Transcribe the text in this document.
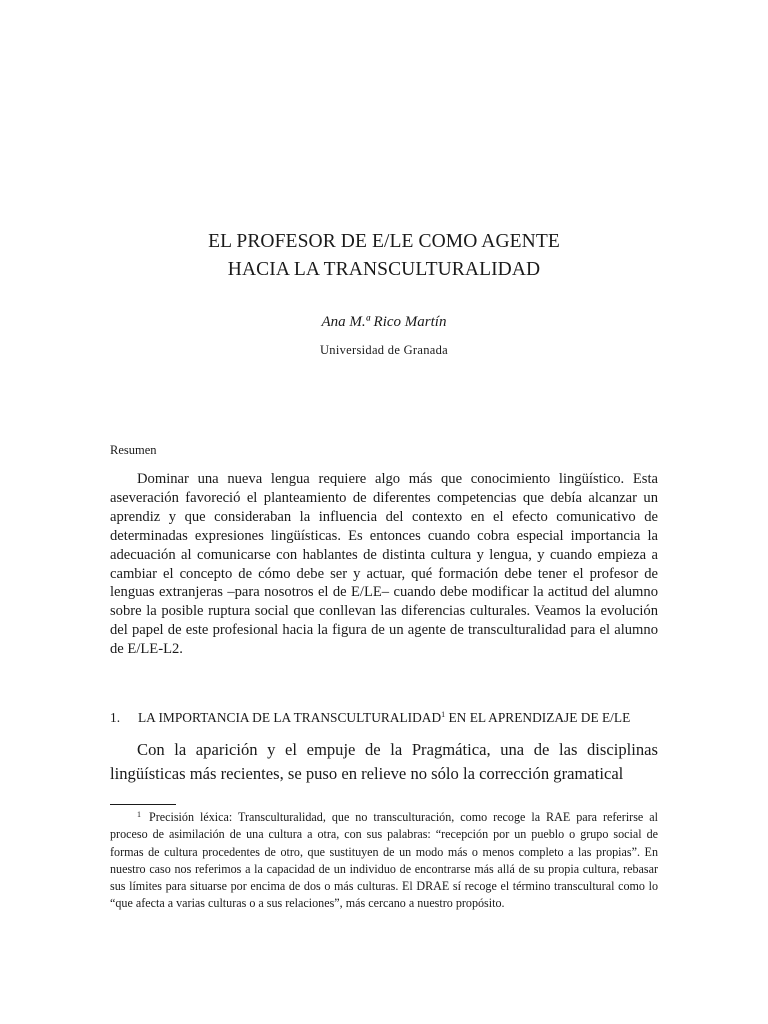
EL PROFESOR DE E/LE COMO AGENTE
HACIA LA TRANSCULTURALIDAD
Ana M.ª Rico Martín
Universidad de Granada
Resumen

Dominar una nueva lengua requiere algo más que conocimiento lingüístico. Esta aseveración favoreció el planteamiento de diferentes competencias que debía alcanzar un aprendiz y que consideraban la influencia del contexto en el efecto comunicativo de determinadas expresiones lingüísticas. Es entonces cuando cobra especial importancia la adecuación al comunicarse con hablantes de distinta cultura y lengua, y cuando empieza a cambiar el concepto de cómo debe ser y actuar, qué formación debe tener el profesor de lenguas extranjeras –para nosotros el de E/LE– cuando debe modificar la actitud del alumno sobre la posible ruptura social que conllevan las diferencias culturales. Veamos la evolución del papel de este profesional hacia la figura de un agente de transculturalidad para el alumno de E/LE-L2.

1. LA IMPORTANCIA DE LA TRANSCULTURALIDAD$^1$ EN EL APRENDIZAJE DE E/LE

Con la aparición y el empuje de la Pragmática, una de las disciplinas lingüísticas más recientes, se puso en relieve no sólo la corrección gramatical

$^1$ Precisión léxica: Transculturalidad, que no transculturación, como recoge la RAE para referirse al proceso de asimilación de una cultura a otra, con sus palabras: “recepción por un pueblo o grupo social de formas de cultura procedentes de otro, que sustituyen de un modo más o menos completo a las propias”. En nuestro caso nos referimos a la capacidad de un individuo de encontrarse más allá de su propia cultura, rebasar sus límites para situarse por encima de dos o más culturas. El DRAE sí recoge el término transcultural como lo “que afecta a varias culturas o a sus relaciones”, más cercano a nuestro propósito.
